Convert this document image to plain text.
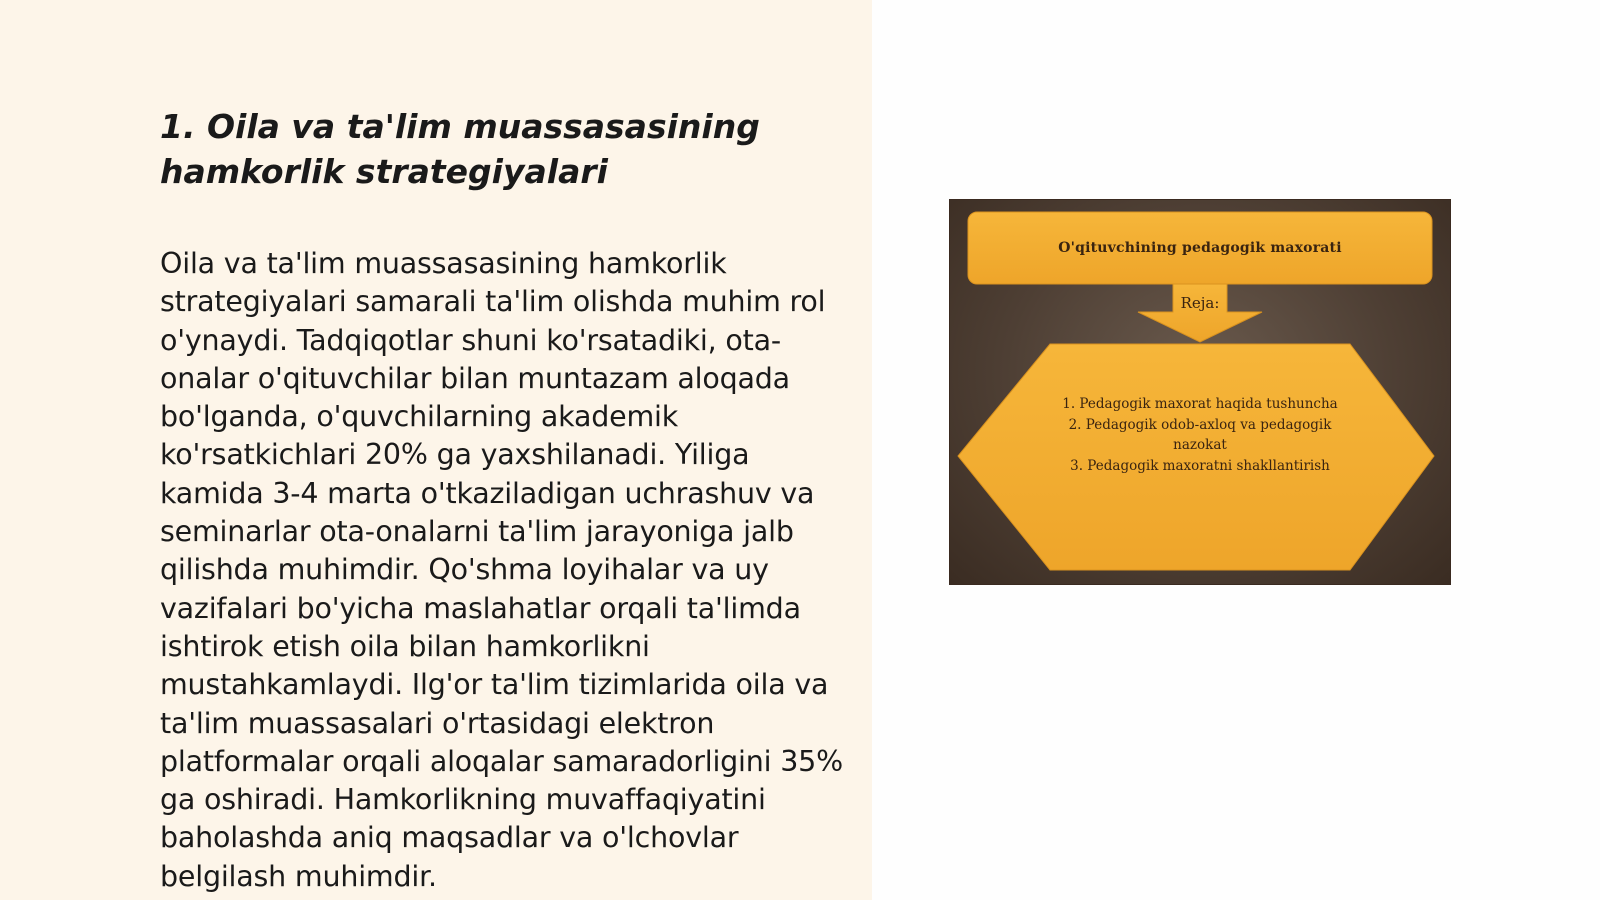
1. Oila va ta'lim muassasasining hamkorlik strategiyalari

Oila va ta'lim muassasasining hamkorlik strategiyalari samarali ta'lim olishda muhim rol o'ynaydi. Tadqiqotlar shuni ko'rsatadiki, ota-onalar o'qituvchilar bilan muntazam aloqada bo'lganda, o'quvchilarning akademik ko'rsatkichlari 20% ga yaxshilanadi. Yiliga kamida 3-4 marta o'tkaziladigan uchrashuv va seminarlar ota-onalarni ta'lim jarayoniga jalb qilishda muhimdir. Qo'shma loyihalar va uy vazifalari bo'yicha maslahatlar orqali ta'limda ishtirok etish oila bilan hamkorlikni mustahkamlaydi. Ilg'or ta'lim tizimlarida oila va ta'lim muassasalari o'rtasidagi elektron platformalar orqali aloqalar samaradorligini 35% ga oshiradi. Hamkorlikning muvaffaqiyatini baholashda aniq maqsadlar va o'lchovlar belgilash muhimdir.

O'qituvchining pedagogik maxorati
Reja:
1. Pedagogik maxorat haqida tushuncha
2. Pedagogik odob-axloq va pedagogik nazokat
3. Pedagogik maxoratni shakllantirish
